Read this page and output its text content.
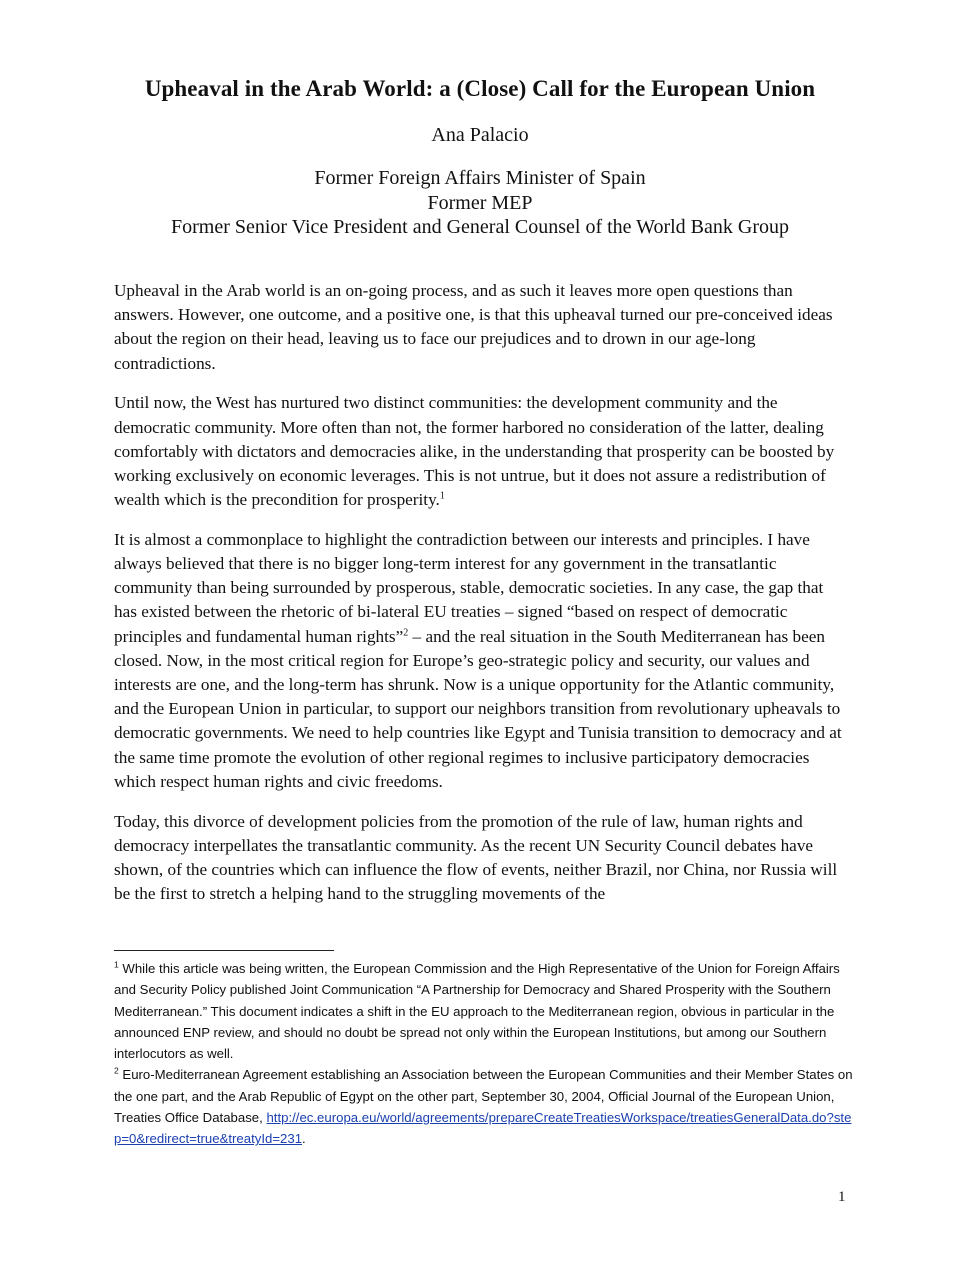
Upheaval in the Arab World: a (Close) Call for the European Union
Ana Palacio
Former Foreign Affairs Minister of Spain
Former MEP
Former Senior Vice President and General Counsel of the World Bank Group

Upheaval in the Arab world is an on-going process, and as such it leaves more open questions than answers. However, one outcome, and a positive one, is that this upheaval turned our pre-conceived ideas about the region on their head, leaving us to face our prejudices and to drown in our age-long contradictions.

Until now, the West has nurtured two distinct communities: the development community and the democratic community. More often than not, the former harbored no consideration of the latter, dealing comfortably with dictators and democracies alike, in the understanding that prosperity can be boosted by working exclusively on economic leverages. This is not untrue, but it does not assure a redistribution of wealth which is the precondition for prosperity.$^1$

It is almost a commonplace to highlight the contradiction between our interests and principles. I have always believed that there is no bigger long-term interest for any government in the transatlantic community than being surrounded by prosperous, stable, democratic societies. In any case, the gap that has existed between the rhetoric of bi-lateral EU treaties – signed “based on respect of democratic principles and fundamental human rights”$^2$ – and the real situation in the South Mediterranean has been closed. Now, in the most critical region for Europe’s geo-strategic policy and security, our values and interests are one, and the long-term has shrunk. Now is a unique opportunity for the Atlantic community, and the European Union in particular, to support our neighbors transition from revolutionary upheavals to democratic governments. We need to help countries like Egypt and Tunisia transition to democracy and at the same time promote the evolution of other regional regimes to inclusive participatory democracies which respect human rights and civic freedoms.

Today, this divorce of development policies from the promotion of the rule of law, human rights and democracy interpellates the transatlantic community. As the recent UN Security Council debates have shown, of the countries which can influence the flow of events, neither Brazil, nor China, nor Russia will be the first to stretch a helping hand to the struggling movements of the

$^1$ While this article was being written, the European Commission and the High Representative of the Union for Foreign Affairs and Security Policy published Joint Communication “A Partnership for Democracy and Shared Prosperity with the Southern Mediterranean.” This document indicates a shift in the EU approach to the Mediterranean region, obvious in particular in the announced ENP review, and should no doubt be spread not only within the European Institutions, but among our Southern interlocutors as well.
$^2$ Euro-Mediterranean Agreement establishing an Association between the European Communities and their Member States on the one part, and the Arab Republic of Egypt on the other part, September 30, 2004, Official Journal of the European Union, Treaties Office Database, http://ec.europa.eu/world/agreements/prepareCreateTreatiesWorkspace/treatiesGeneralData.do?step=0&redirect=true&treatyId=231.
1
